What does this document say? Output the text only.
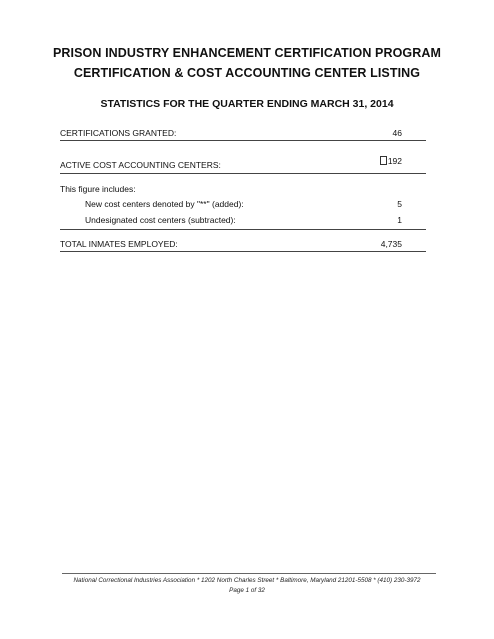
PRISON INDUSTRY ENHANCEMENT CERTIFICATION PROGRAM
CERTIFICATION & COST ACCOUNTING CENTER LISTING
STATISTICS FOR THE QUARTER ENDING MARCH 31, 2014
CERTIFICATIONS GRANTED:	46
ACTIVE COST ACCOUNTING CENTERS:	192
This figure includes:
New cost centers denoted by "**" (added):	5
Undesignated cost centers (subtracted):	1
TOTAL INMATES EMPLOYED:	4,735
National Correctional Industries Association * 1202 North Charles Street * Baltimore, Maryland 21201-5508 * (410) 230-3972
Page 1 of 32
